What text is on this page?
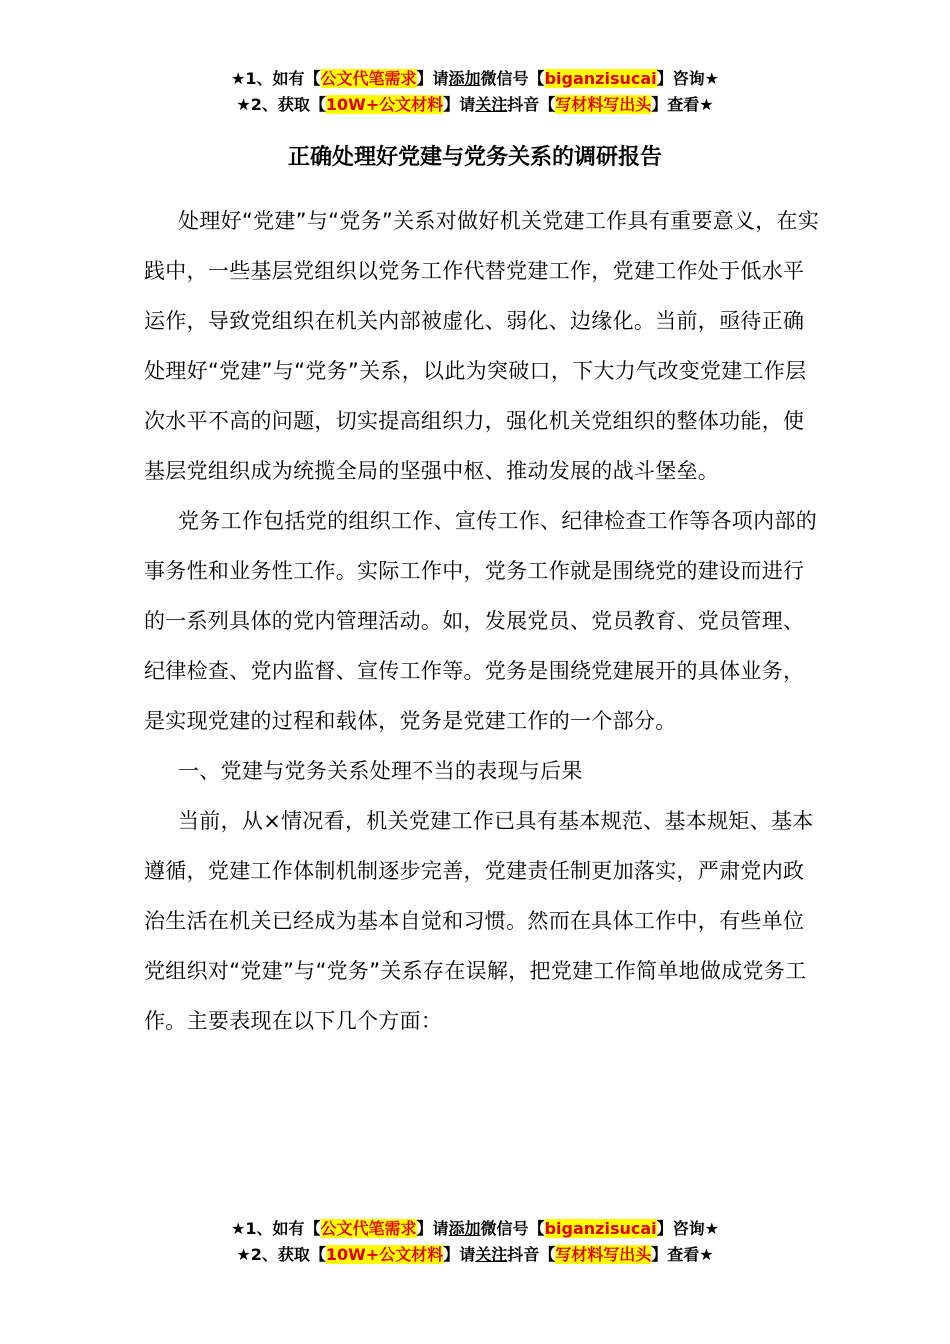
★1、如有【公文代笔需求】请添加微信号【biganzisucai】咨询★
★2、获取【10W+公文材料】请关注抖音【写材料写出头】查看★
正确处理好党建与党务关系的调研报告

处理好“党建”与“党务”关系对做好机关党建工作具有重要意义，在实践中，一些基层党组织以党务工作代替党建工作，党建工作处于低水平运作，导致党组织在机关内部被虚化、弱化、边缘化。当前，亟待正确处理好“党建”与“党务”关系，以此为突破口，下大力气改变党建工作层次水平不高的问题，切实提高组织力，强化机关党组织的整体功能，使基层党组织成为统揽全局的坚强中枢、推动发展的战斗堡垒。

党务工作包括党的组织工作、宣传工作、纪律检查工作等各项内部的事务性和业务性工作。实际工作中，党务工作就是围绕党的建设而进行的一系列具体的党内管理活动。如，发展党员、党员教育、党员管理、纪律检查、党内监督、宣传工作等。党务是围绕党建展开的具体业务，是实现党建的过程和载体，党务是党建工作的一个部分。

一、党建与党务关系处理不当的表现与后果

当前，从×情况看，机关党建工作已具有基本规范、基本规矩、基本遵循，党建工作体制机制逐步完善，党建责任制更加落实，严肃党内政治生活在机关已经成为基本自觉和习惯。然而在具体工作中，有些单位党组织对“党建”与“党务”关系存在误解，把党建工作简单地做成党务工作。主要表现在以下几个方面：

★1、如有【公文代笔需求】请添加微信号【biganzisucai】咨询★
★2、获取【10W+公文材料】请关注抖音【写材料写出头】查看★
